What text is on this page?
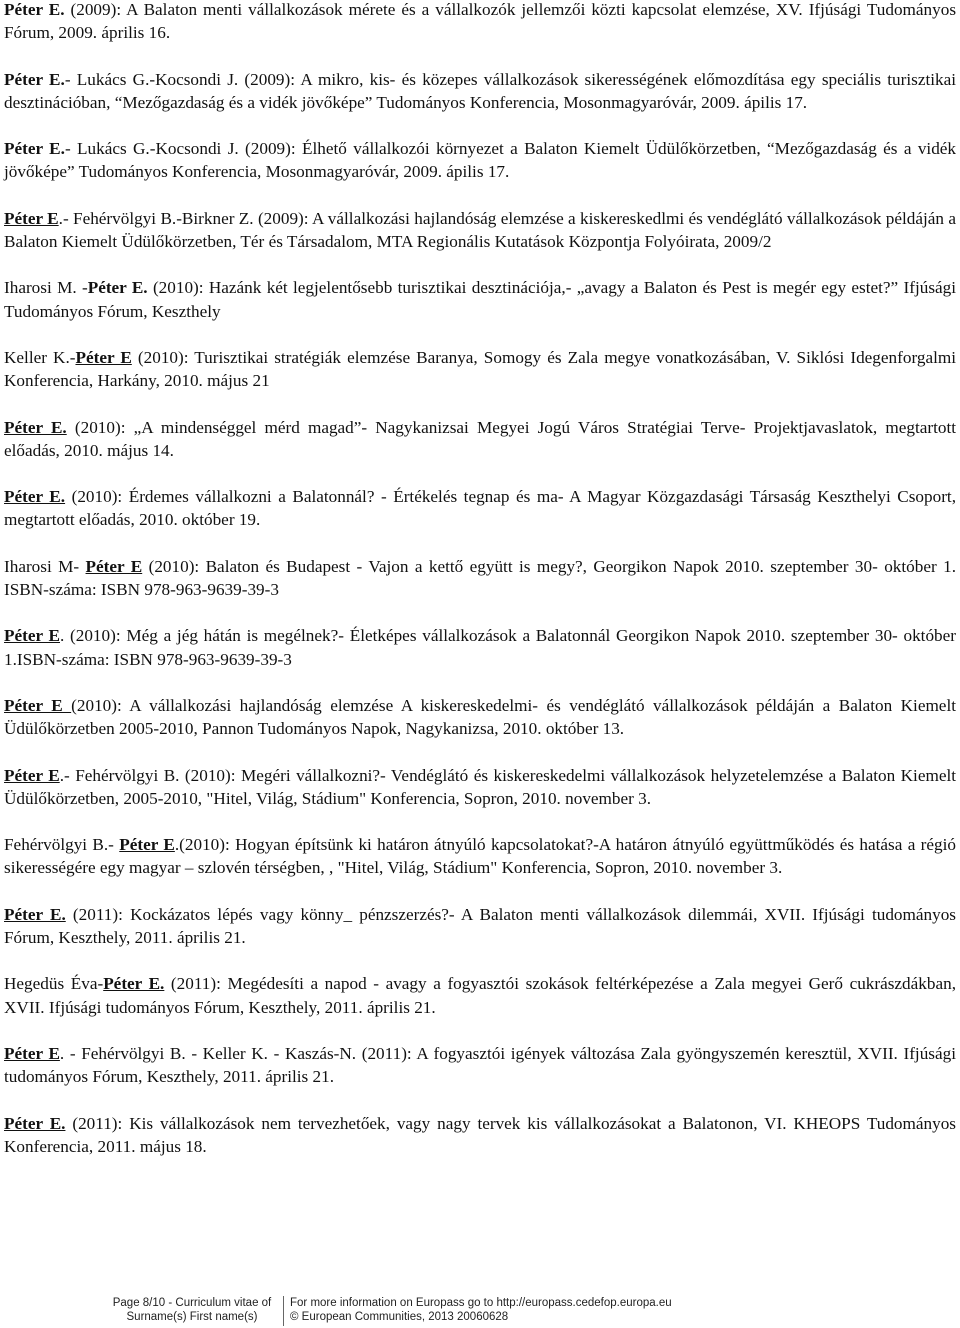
Péter E. (2009): A Balaton menti vállalkozások mérete és a vállalkozók jellemzői közti kapcsolat elemzése, XV. Ifjúsági Tudományos Fórum, 2009. április 16.

Péter E.- Lukács G.-Kocsondi J. (2009): A mikro, kis- és közepes vállalkozások sikerességének előmozdítása egy speciális turisztikai desztinációban, “Mezőgazdaság és a vidék jövőképe” Tudományos Konferencia, Mosonmagyaróvár, 2009. ápilis 17.

Péter E.- Lukács G.-Kocsondi J. (2009): Élhető vállalkozói környezet a Balaton Kiemelt Üdülőkörzetben, “Mezőgazdaság és a vidék jövőképe” Tudományos Konferencia, Mosonmagyaróvár, 2009. ápilis 17.

Péter E.- Fehérvölgyi B.-Birkner Z. (2009): A vállalkozási hajlandóság elemzése a kiskereskedlmi és vendéglátó vállalkozások példáján a Balaton Kiemelt Üdülőkörzetben, Tér és Társadalom, MTA Regionális Kutatások Központja Folyóirata, 2009/2

Iharosi M. -Péter E. (2010): Hazánk két legjelentősebb turisztikai desztinációja,- „avagy a Balaton és Pest is megér egy estet?” Ifjúsági Tudományos Fórum, Keszthely

Keller K.-Péter E (2010): Turisztikai stratégiák elemzése Baranya, Somogy és Zala megye vonatkozásában, V. Siklósi Idegenforgalmi Konferencia, Harkány, 2010. május 21

Péter E. (2010): „A mindenséggel mérd magad”- Nagykanizsai Megyei Jogú Város Stratégiai Terve- Projektjavaslatok, megtartott előadás, 2010. május 14.

Péter E. (2010): Érdemes vállalkozni a Balatonnál? - Értékelés tegnap és ma- A Magyar Közgazdasági Társaság Keszthelyi Csoport, megtartott előadás, 2010. október 19.

Iharosi M- Péter E (2010): Balaton és Budapest - Vajon a kettő együtt is megy?, Georgikon Napok 2010. szeptember 30- október 1. ISBN-száma: ISBN 978-963-9639-39-3

Péter E. (2010): Még a jég hátán is megélnek?- Életképes vállalkozások a Balatonnál Georgikon Napok 2010. szeptember 30- október 1.ISBN-száma: ISBN 978-963-9639-39-3

Péter E (2010): A vállalkozási hajlandóság elemzése A kiskereskedelmi- és vendéglátó vállalkozások példáján a Balaton Kiemelt Üdülőkörzetben 2005-2010, Pannon Tudományos Napok, Nagykanizsa, 2010. október 13.

Péter E.- Fehérvölgyi B. (2010): Megéri vállalkozni?- Vendéglátó és kiskereskedelmi vállalkozások helyzetelemzése a Balaton Kiemelt Üdülőkörzetben, 2005-2010, "Hitel, Világ, Stádium" Konferencia, Sopron, 2010. november 3.

Fehérvölgyi B.- Péter E.(2010): Hogyan építsünk ki határon átnyúló kapcsolatokat?-A határon átnyúló együttműködés és hatása a régió sikerességére egy magyar – szlovén térségben, , "Hitel, Világ, Stádium" Konferencia, Sopron, 2010. november 3.

Péter E. (2011): Kockázatos lépés vagy könny_ pénzszerzés?- A Balaton menti vállalkozások dilemmái, XVII. Ifjúsági tudományos Fórum, Keszthely, 2011. április 21.

Hegedüs Éva-Péter E. (2011): Megédesíti a napod - avagy a fogyasztói szokások feltérképezése a Zala megyei Gerő cukrászdákban, XVII. Ifjúsági tudományos Fórum, Keszthely, 2011. április 21.

Péter E. - Fehérvölgyi B. - Keller K. - Kaszás-N. (2011): A fogyasztói igények változása Zala gyöngyszemén keresztül, XVII. Ifjúsági tudományos Fórum, Keszthely, 2011. április 21.

Péter E. (2011): Kis vállalkozások nem tervezhetőek, vagy nagy tervek kis vállalkozásokat a Balatonon, VI. KHEOPS Tudományos Konferencia, 2011. május 18.

Page 8/10 - Curriculum vitae of
Surname(s) First name(s)
For more information on Europass go to http://europass.cedefop.europa.eu
© European Communities, 2013 20060628
